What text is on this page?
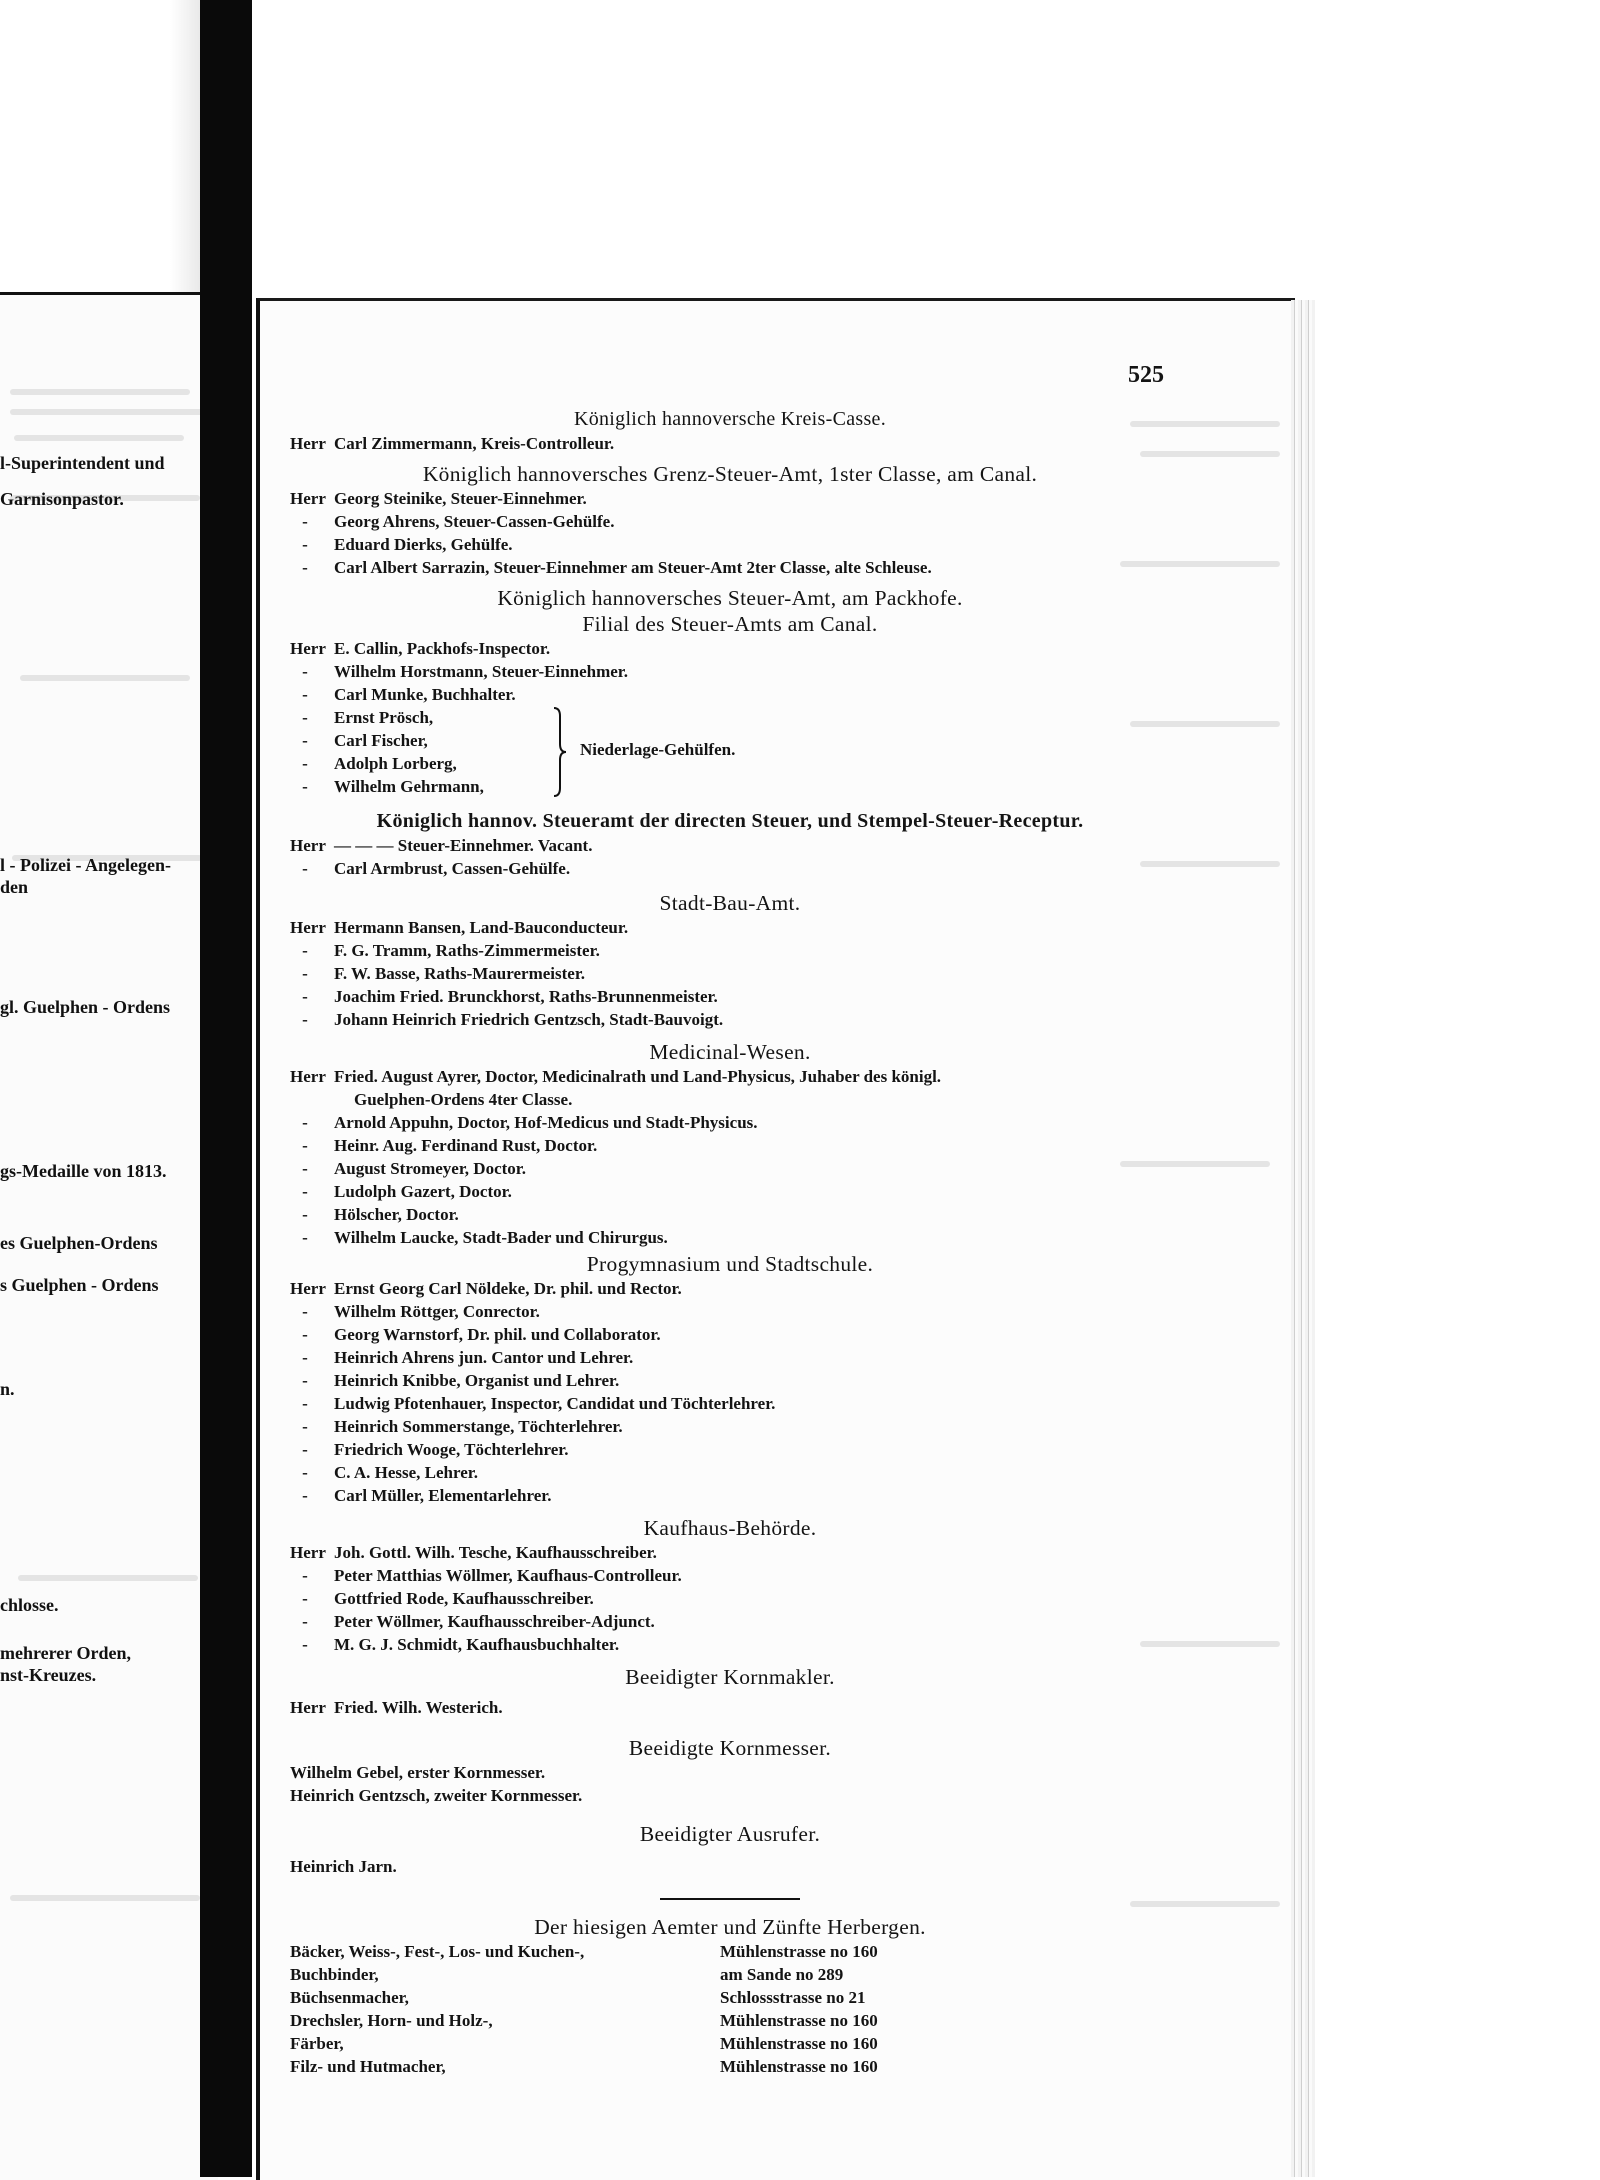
l-Superintendent und
Garnisonpastor.
l - Polizei - Angelegen-
den
gl. Guelphen - Ordens
gs-Medaille von 1813.
es Guelphen-Ordens
s Guelphen - Ordens
n.
chlosse.
mehrerer Orden,
nst-Kreuzes.
525
Königlich hannoversche Kreis-Casse.
Herr Carl Zimmermann, Kreis-Controlleur.
Königlich hannoversches Grenz-Steuer-Amt, 1ster Classe, am Canal.
Herr Georg Steinike, Steuer-Einnehmer.
-	Georg Ahrens, Steuer-Cassen-Gehülfe.
-	Eduard Dierks, Gehülfe.
-	Carl Albert Sarrazin, Steuer-Einnehmer am Steuer-Amt 2ter Classe, alte Schleuse.
Königlich hannoversches Steuer-Amt, am Packhofe.
Filial des Steuer-Amts am Canal.
Herr E. Callin, Packhofs-Inspector.
-	Wilhelm Horstmann, Steuer-Einnehmer.
-	Carl Munke, Buchhalter.
-	Ernst Prösch,
-	Carl Fischer,
-	Adolph Lorberg,
-	Wilhelm Gehrmann,
Niederlage-Gehülfen.
Königlich hannov. Steueramt der directen Steuer, und Stempel-Steuer-Receptur.
Herr — — — Steuer-Einnehmer. Vacant.
-	Carl Armbrust, Cassen-Gehülfe.
Stadt-Bau-Amt.
Herr Hermann Bansen, Land-Bauconducteur.
-	F. G. Tramm, Raths-Zimmermeister.
-	F. W. Basse, Raths-Maurermeister.
-	Joachim Fried. Brunckhorst, Raths-Brunnenmeister.
-	Johann Heinrich Friedrich Gentzsch, Stadt-Bauvoigt.
Medicinal-Wesen.
Herr Fried. August Ayrer, Doctor, Medicinalrath und Land-Physicus, Juhaber des königl.
Guelphen-Ordens 4ter Classe.
-	Arnold Appuhn, Doctor, Hof-Medicus und Stadt-Physicus.
-	Heinr. Aug. Ferdinand Rust, Doctor.
-	August Stromeyer, Doctor.
-	Ludolph Gazert, Doctor.
-	Hölscher, Doctor.
-	Wilhelm Laucke, Stadt-Bader und Chirurgus.
Progymnasium und Stadtschule.
Herr Ernst Georg Carl Nöldeke, Dr. phil. und Rector.
-	Wilhelm Röttger, Conrector.
-	Georg Warnstorf, Dr. phil. und Collaborator.
-	Heinrich Ahrens jun. Cantor und Lehrer.
-	Heinrich Knibbe, Organist und Lehrer.
-	Ludwig Pfotenhauer, Inspector, Candidat und Töchterlehrer.
-	Heinrich Sommerstange, Töchterlehrer.
-	Friedrich Wooge, Töchterlehrer.
-	C. A. Hesse, Lehrer.
-	Carl Müller, Elementarlehrer.
Kaufhaus-Behörde.
Herr Joh. Gottl. Wilh. Tesche, Kaufhausschreiber.
-	Peter Matthias Wöllmer, Kaufhaus-Controlleur.
-	Gottfried Rode, Kaufhausschreiber.
-	Peter Wöllmer, Kaufhausschreiber-Adjunct.
-	M. G. J. Schmidt, Kaufhausbuchhalter.
Beeidigter Kornmakler.
Herr Fried. Wilh. Westerich.
Beeidigte Kornmesser.
Wilhelm Gebel, erster Kornmesser.
Heinrich Gentzsch, zweiter Kornmesser.
Beeidigter Ausrufer.
Heinrich Jarn.
Der hiesigen Aemter und Zünfte Herbergen.
Bäcker, Weiss-, Fest-, Los- und Kuchen-,	Mühlenstrasse no 160
Buchbinder,	am Sande no 289
Büchsenmacher,	Schlossstrasse no 21
Drechsler, Horn- und Holz-,	Mühlenstrasse no 160
Färber,	Mühlenstrasse no 160
Filz- und Hutmacher,	Mühlenstrasse no 160
